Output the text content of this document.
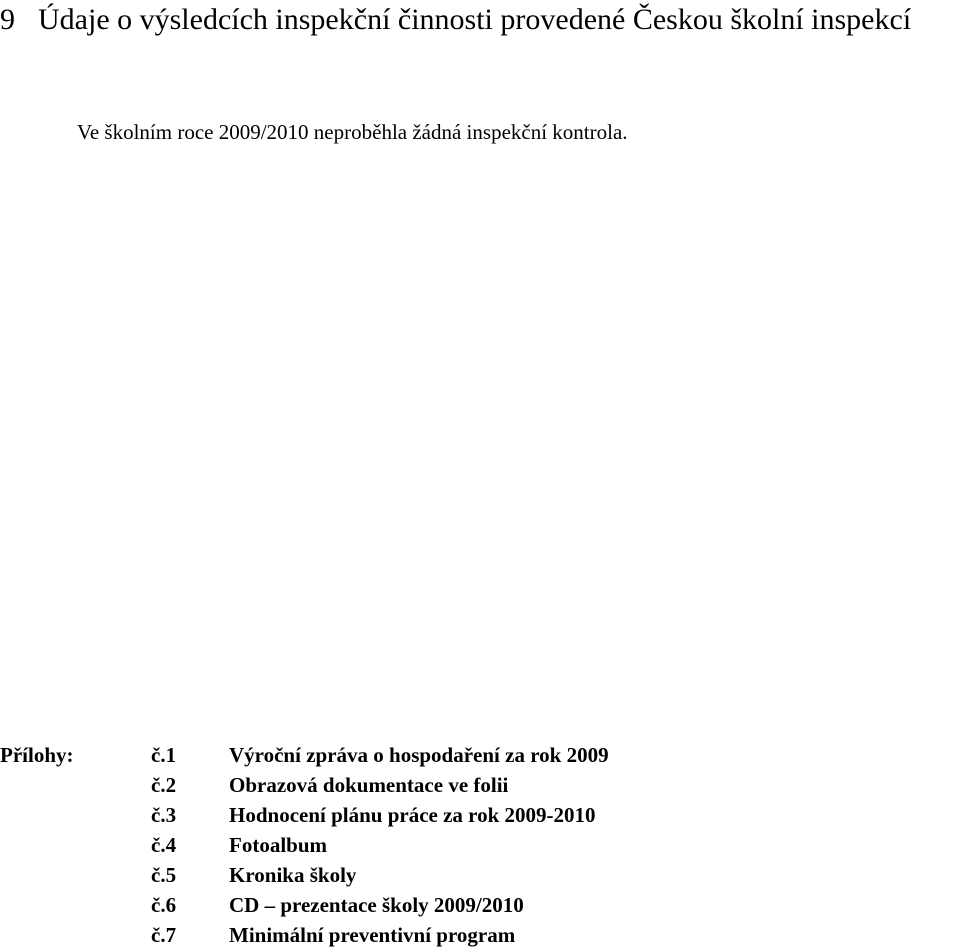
9 Údaje o výsledcích inspekční činnosti provedené Českou školní inspekcí

Ve školním roce 2009/2010 neproběhla žádná inspekční kontrola.

Přílohy:	č.1	Výroční zpráva o hospodaření za rok 2009
č.2	Obrazová dokumentace ve folii
č.3	Hodnocení plánu práce za rok 2009-2010
č.4	Fotoalbum
č.5	Kronika školy
č.6	CD – prezentace školy 2009/2010
č.7	Minimální preventivní program
